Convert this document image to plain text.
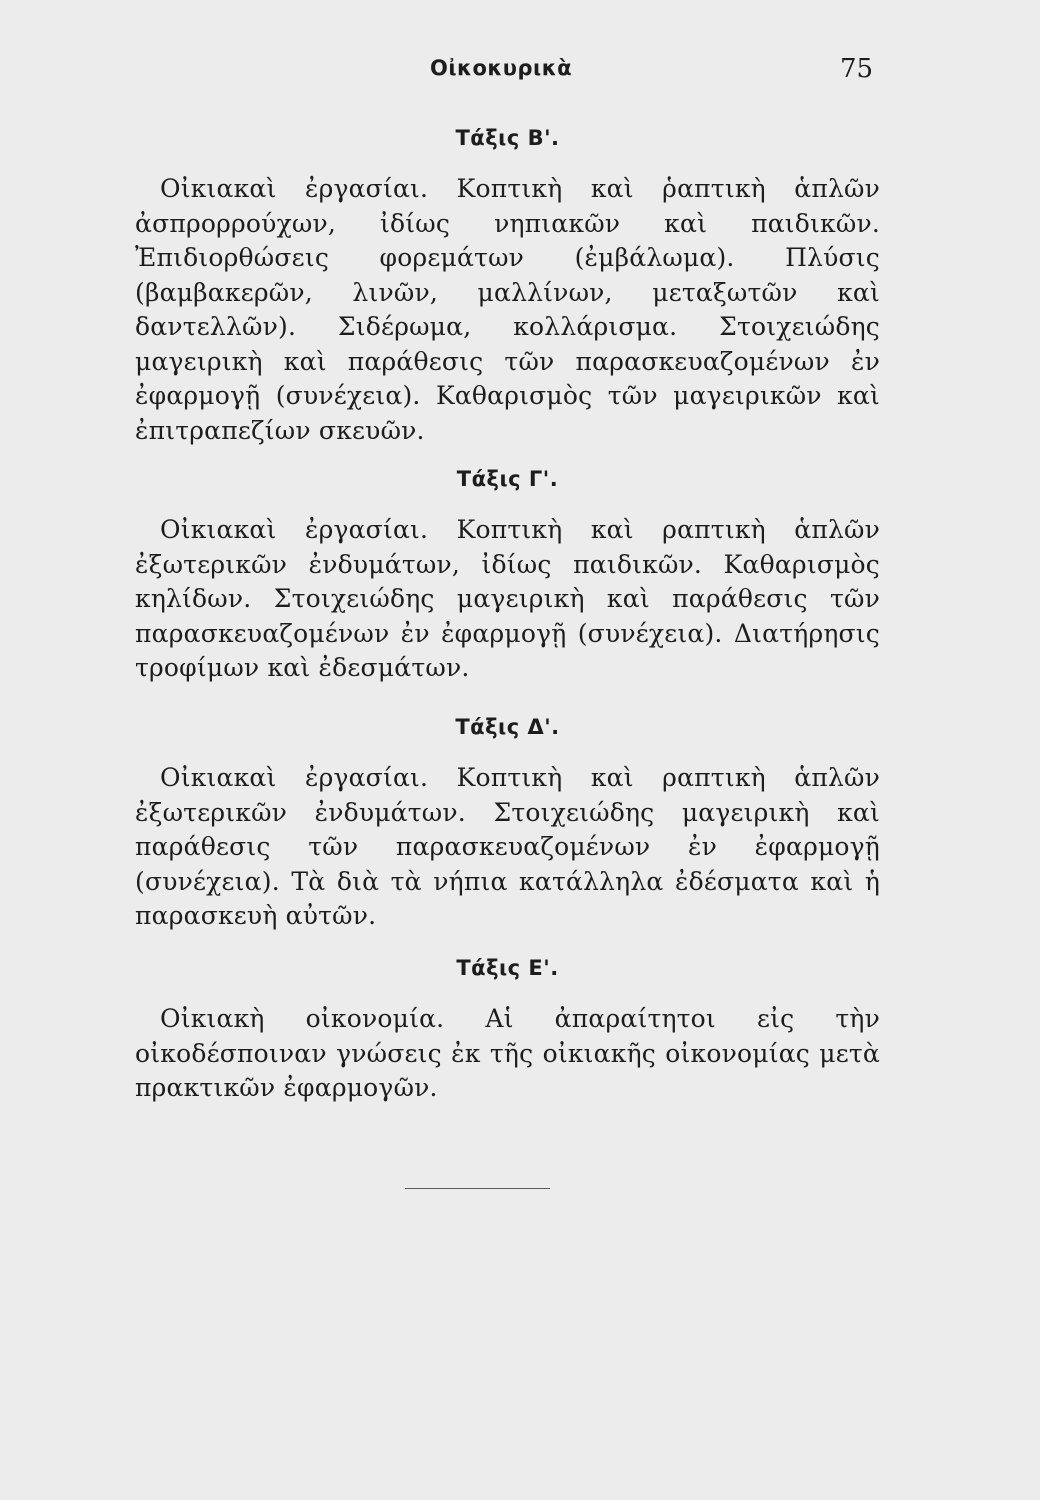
Οἰκοκυρικὰ	75
Τάξις Β'.

Οἰκιακαὶ ἐργασίαι. Κοπτικὴ καὶ ῥαπτικὴ ἁπλῶν ἀσπρορρούχων, ἰδίως νηπιακῶν καὶ παιδικῶν. Ἐπιδιορθώσεις φορεμάτων (ἐμβάλωμα). Πλύσις (βαμβακερῶν, λινῶν, μαλλίνων, μεταξωτῶν καὶ δαντελλῶν). Σιδέρωμα, κολλάρισμα. Στοιχειώδης μαγειρικὴ καὶ παράθεσις τῶν παρασκευαζομένων ἐν ἐφαρμογῇ (συνέχεια). Καθαρισμὸς τῶν μαγειρικῶν καὶ ἐπιτραπεζίων σκευῶν.

Τάξις Γ'.

Οἰκιακαὶ ἐργασίαι. Κοπτικὴ καὶ ραπτικὴ ἁπλῶν ἐξωτερικῶν ἐνδυμάτων, ἰδίως παιδικῶν. Καθαρισμὸς κηλίδων. Στοιχειώδης μαγειρικὴ καὶ παράθεσις τῶν παρασκευαζομένων ἐν ἐφαρμογῇ (συνέχεια). Διατήρησις τροφίμων καὶ ἐδεσμάτων.

Τάξις Δ'.

Οἰκιακαὶ ἐργασίαι. Κοπτικὴ καὶ ραπτικὴ ἁπλῶν ἐξωτερικῶν ἐνδυμάτων. Στοιχειώδης μαγειρικὴ καὶ παράθεσις τῶν παρασκευαζομένων ἐν ἐφαρμογῇ (συνέχεια). Τὰ διὰ τὰ νήπια κατάλληλα ἐδέσματα καὶ ἡ παρασκευὴ αὐτῶν.

Τάξις Ε'.

Οἰκιακὴ οἰκονομία. Αἱ ἀπαραίτητοι εἰς τὴν οἰκοδέσποιναν γνώσεις ἐκ τῆς οἰκιακῆς οἰκονομίας μετὰ πρακτικῶν ἐφαρμογῶν.
